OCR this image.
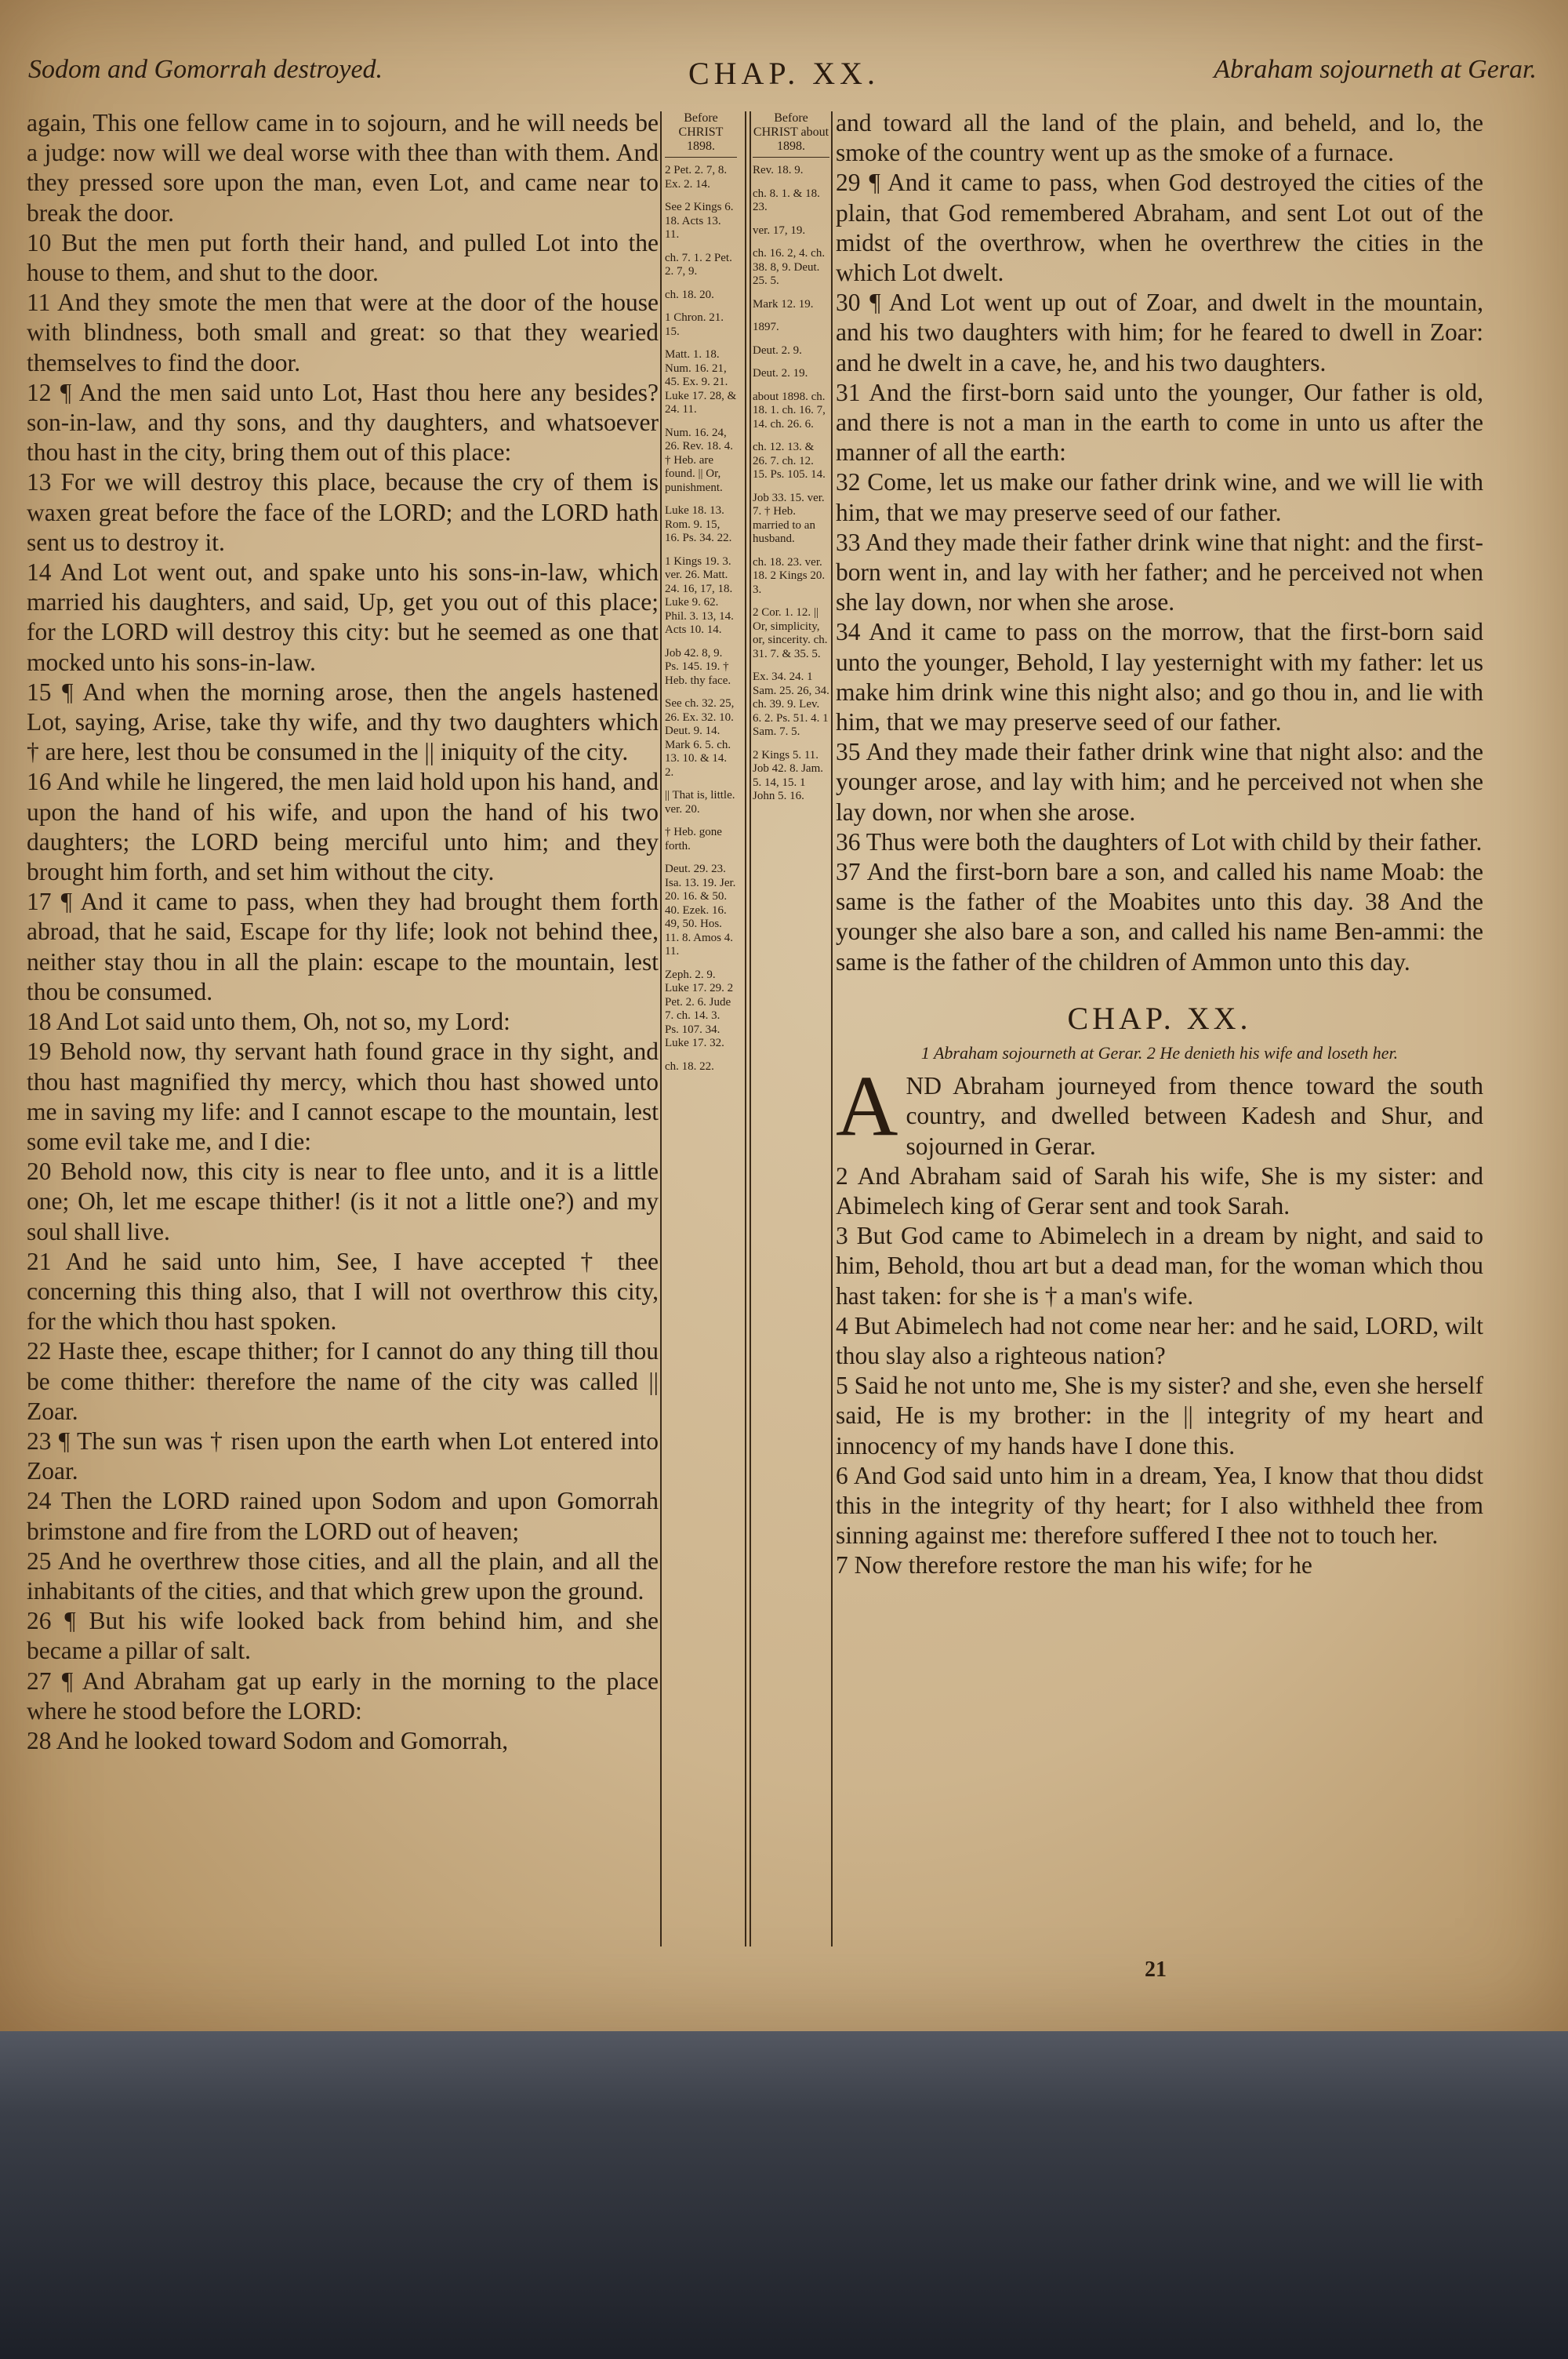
Sodom and Gomorrah destroyed.	CHAP. XX.	Abraham sojourneth at Gerar.

again, This one fellow came in to sojourn, and he will needs be a judge: now will we deal worse with thee than with them. And they pressed sore upon the man, even Lot, and came near to break the door.

10 But the men put forth their hand, and pulled Lot into the house to them, and shut to the door.

11 And they smote the men that were at the door of the house with blindness, both small and great: so that they wearied themselves to find the door.

12 ¶ And the men said unto Lot, Hast thou here any besides? son-in-law, and thy sons, and thy daughters, and whatsoever thou hast in the city, bring them out of this place:

13 For we will destroy this place, because the cry of them is waxen great before the face of the LORD; and the LORD hath sent us to destroy it.

14 And Lot went out, and spake unto his sons-in-law, which married his daughters, and said, Up, get you out of this place; for the LORD will destroy this city: but he seemed as one that mocked unto his sons-in-law.

15 ¶ And when the morning arose, then the angels hastened Lot, saying, Arise, take thy wife, and thy two daughters which † are here, lest thou be consumed in the || iniquity of the city.

16 And while he lingered, the men laid hold upon his hand, and upon the hand of his wife, and upon the hand of his two daughters; the LORD being merciful unto him; and they brought him forth, and set him without the city.

17 ¶ And it came to pass, when they had brought them forth abroad, that he said, Escape for thy life; look not behind thee, neither stay thou in all the plain: escape to the mountain, lest thou be consumed.

18 And Lot said unto them, Oh, not so, my Lord:

19 Behold now, thy servant hath found grace in thy sight, and thou hast magnified thy mercy, which thou hast showed unto me in saving my life: and I cannot escape to the mountain, lest some evil take me, and I die:

20 Behold now, this city is near to flee unto, and it is a little one; Oh, let me escape thither! (is it not a little one?) and my soul shall live.

21 And he said unto him, See, I have accepted † thee concerning this thing also, that I will not overthrow this city, for the which thou hast spoken.

22 Haste thee, escape thither; for I cannot do any thing till thou be come thither: therefore the name of the city was called || Zoar.

23 ¶ The sun was † risen upon the earth when Lot entered into Zoar.

24 Then the LORD rained upon Sodom and upon Gomorrah brimstone and fire from the LORD out of heaven;

25 And he overthrew those cities, and all the plain, and all the inhabitants of the cities, and that which grew upon the ground.

26 ¶ But his wife looked back from behind him, and she became a pillar of salt.

27 ¶ And Abraham gat up early in the morning to the place where he stood before the LORD:

28 And he looked toward Sodom and Gomorrah,

Before CHRIST 1898.
2 Pet. 2. 7, 8. Ex. 2. 14.
See 2 Kings 6. 18. Acts 13. 11.
ch. 7. 1. 2 Pet. 2. 7, 9.
ch. 18. 20.
1 Chron. 21. 15.
Matt. 1. 18. Num. 16. 21, 45. Ex. 9. 21. Luke 17. 28, & 24. 11.
Num. 16. 24, 26. Rev. 18. 4. † Heb. are found. || Or, punishment.
Luke 18. 13. Rom. 9. 15, 16. Ps. 34. 22.
1 Kings 19. 3. ver. 26. Matt. 24. 16, 17, 18. Luke 9. 62. Phil. 3. 13, 14. Acts 10. 14.
Job 42. 8, 9. Ps. 145. 19. † Heb. thy face.
See ch. 32. 25, 26. Ex. 32. 10. Deut. 9. 14. Mark 6. 5. ch. 13. 10. & 14. 2.
|| That is, little. ver. 20.
† Heb. gone forth.
Deut. 29. 23. Isa. 13. 19. Jer. 20. 16. & 50. 40. Ezek. 16. 49, 50. Hos. 11. 8. Amos 4. 11.
Zeph. 2. 9. Luke 17. 29. 2 Pet. 2. 6. Jude 7. ch. 14. 3. Ps. 107. 34. Luke 17. 32.
ch. 18. 22.
Before CHRIST about 1898.
Rev. 18. 9.
ch. 8. 1. & 18. 23.
ver. 17, 19.
ch. 16. 2, 4. ch. 38. 8, 9. Deut. 25. 5.
Mark 12. 19.
1897.
Deut. 2. 9.
Deut. 2. 19.
about 1898. ch. 18. 1. ch. 16. 7, 14. ch. 26. 6.
ch. 12. 13. & 26. 7. ch. 12. 15. Ps. 105. 14.
Job 33. 15. ver. 7. † Heb. married to an husband.
ch. 18. 23. ver. 18. 2 Kings 20. 3.
2 Cor. 1. 12. || Or, simplicity, or, sincerity. ch. 31. 7. & 35. 5.
Ex. 34. 24. 1 Sam. 25. 26, 34. ch. 39. 9. Lev. 6. 2. Ps. 51. 4. 1 Sam. 7. 5.
2 Kings 5. 11. Job 42. 8. Jam. 5. 14, 15. 1 John 5. 16.

and toward all the land of the plain, and beheld, and lo, the smoke of the country went up as the smoke of a furnace.

29 ¶ And it came to pass, when God destroyed the cities of the plain, that God remembered Abraham, and sent Lot out of the midst of the overthrow, when he overthrew the cities in the which Lot dwelt.

30 ¶ And Lot went up out of Zoar, and dwelt in the mountain, and his two daughters with him; for he feared to dwell in Zoar: and he dwelt in a cave, he, and his two daughters.

31 And the first-born said unto the younger, Our father is old, and there is not a man in the earth to come in unto us after the manner of all the earth:

32 Come, let us make our father drink wine, and we will lie with him, that we may preserve seed of our father.

33 And they made their father drink wine that night: and the first-born went in, and lay with her father; and he perceived not when she lay down, nor when she arose.

34 And it came to pass on the morrow, that the first-born said unto the younger, Behold, I lay yesternight with my father: let us make him drink wine this night also; and go thou in, and lie with him, that we may preserve seed of our father.

35 And they made their father drink wine that night also: and the younger arose, and lay with him; and he perceived not when she lay down, nor when she arose.

36 Thus were both the daughters of Lot with child by their father.

37 And the first-born bare a son, and called his name Moab: the same is the father of the Moabites unto this day. 38 And the younger she also bare a son, and called his name Ben-ammi: the same is the father of the children of Ammon unto this day.

CHAP. XX.
1 Abraham sojourneth at Gerar. 2 He denieth his wife and loseth her.

AND Abraham journeyed from thence toward the south country, and dwelled between Kadesh and Shur, and sojourned in Gerar.

2 And Abraham said of Sarah his wife, She is my sister: and Abimelech king of Gerar sent and took Sarah.

3 But God came to Abimelech in a dream by night, and said to him, Behold, thou art but a dead man, for the woman which thou hast taken: for she is † a man's wife.

4 But Abimelech had not come near her: and he said, LORD, wilt thou slay also a righteous nation?

5 Said he not unto me, She is my sister? and she, even she herself said, He is my brother: in the || integrity of my heart and innocency of my hands have I done this.

6 And God said unto him in a dream, Yea, I know that thou didst this in the integrity of thy heart; for I also withheld thee from sinning against me: therefore suffered I thee not to touch her.

7 Now therefore restore the man his wife; for he

21
